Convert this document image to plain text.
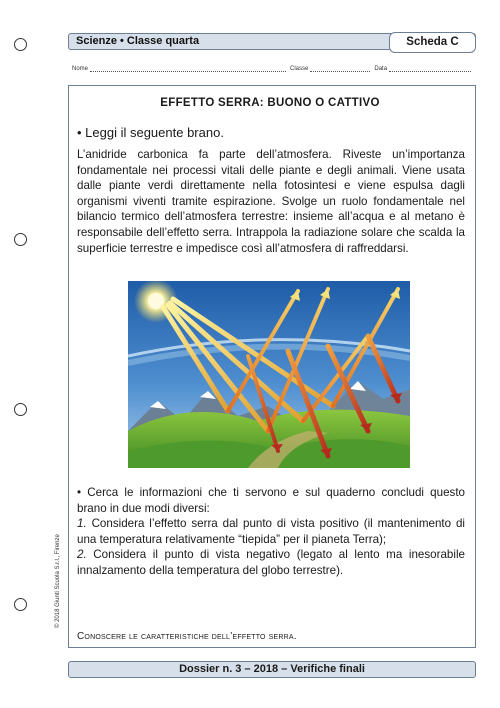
Scienze • Classe quarta	Scheda C
Nome	Classe	Data
EFFETTO SERRA: BUONO O CATTIVO
• Leggi il seguente brano.
L’anidride carbonica fa parte dell’atmosfera. Riveste un’importanza fondamentale nei processi vitali delle piante e degli animali. Viene usata dalle piante verdi direttamente nella fotosintesi e viene espulsa dagli organismi viventi tramite espirazione. Svolge un ruolo fondamentale nel bilancio termico dell’atmosfera terrestre: insieme all’acqua e al metano è responsabile dell’effetto serra. Intrappola la radiazione solare che scalda la superficie terrestre e impedisce così all’atmosfera di raffreddarsi.
• Cerca le informazioni che ti servono e sul quaderno concludi questo brano in due modi diversi:
1. Considera l’effetto serra dal punto di vista positivo (il mantenimento di una temperatura relativamente “tiepida” per il pianeta Terra);
2. Considera il punto di vista negativo (legato al lento ma inesorabile innalzamento della temperatura del globo terrestre).
Conoscere le caratteristiche dell’effetto serra.
© 2018 Giunti Scuola S.r.l., Firenze
Dossier n. 3 – 2018 – Verifiche finali
